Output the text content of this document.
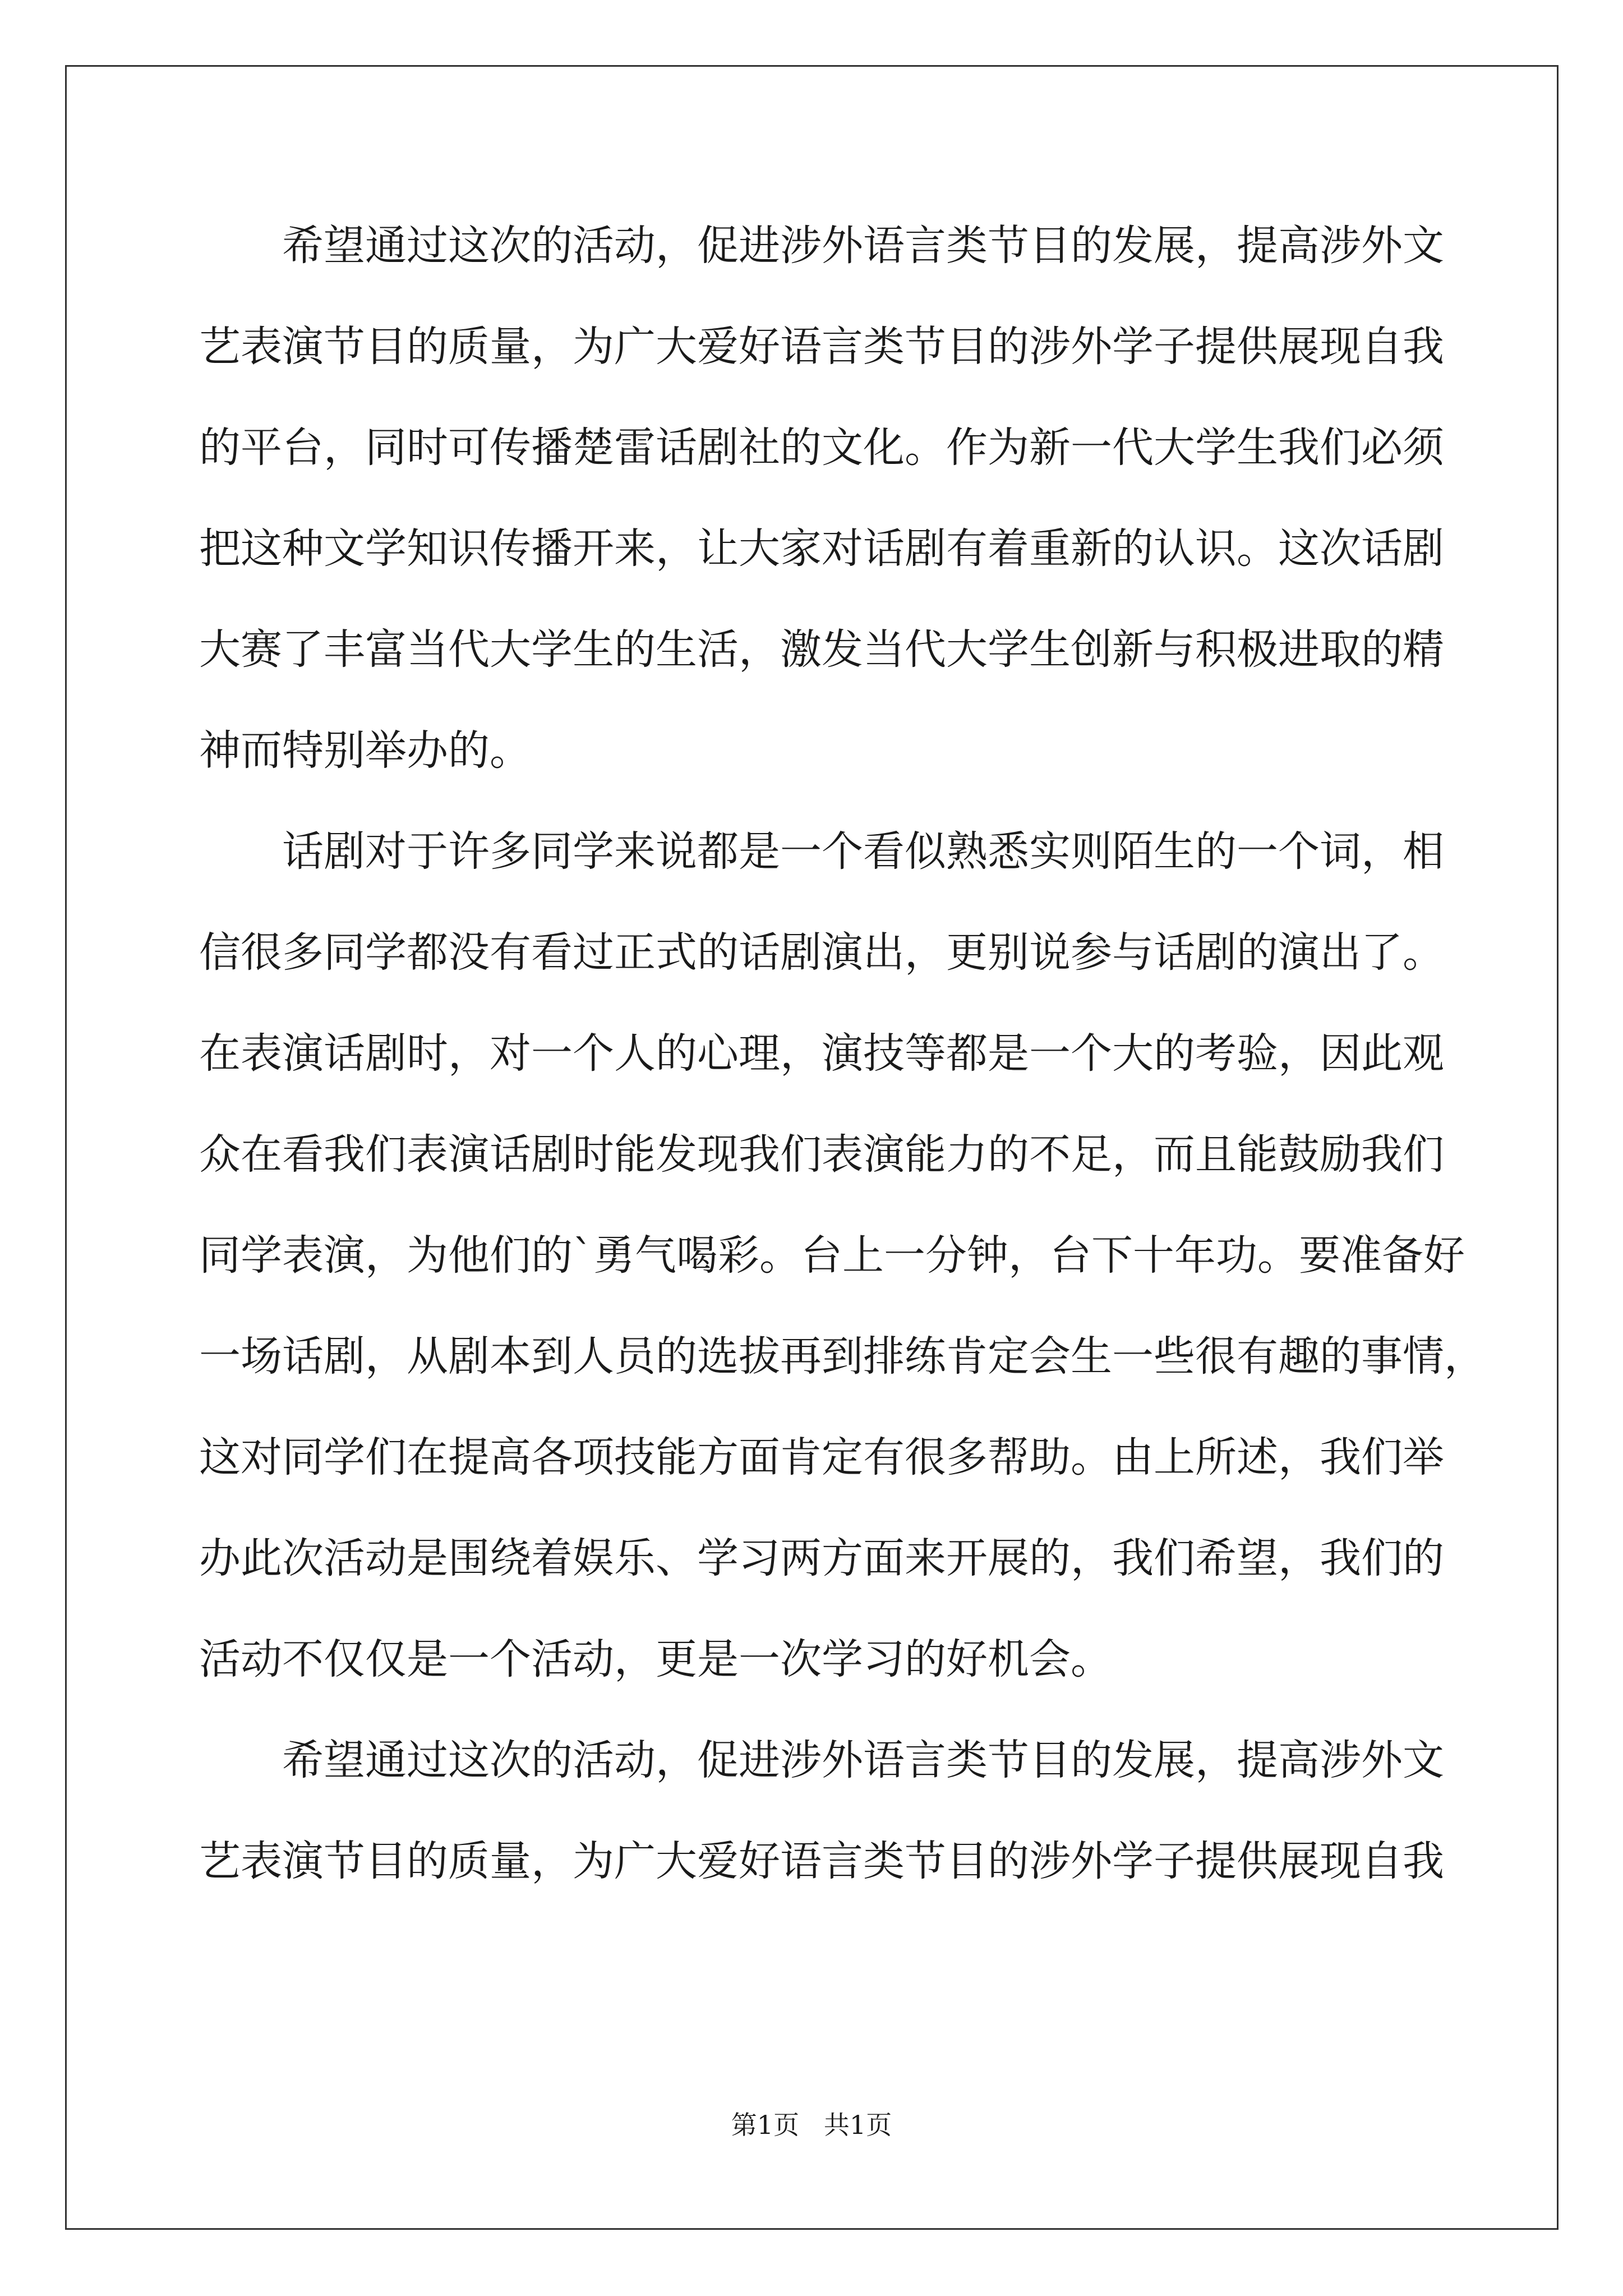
　　希望通过这次的活动，促进涉外语言类节目的发展，提高涉外文
艺表演节目的质量，为广大爱好语言类节目的涉外学子提供展现自我
的平台，同时可传播楚雷话剧社的文化。作为新一代大学生我们必须
把这种文学知识传播开来，让大家对话剧有着重新的认识。这次话剧
大赛了丰富当代大学生的生活，激发当代大学生创新与积极进取的精
神而特别举办的。
　　话剧对于许多同学来说都是一个看似熟悉实则陌生的一个词，相
信很多同学都没有看过正式的话剧演出，更别说参与话剧的演出了。
在表演话剧时，对一个人的心理，演技等都是一个大的考验，因此观
众在看我们表演话剧时能发现我们表演能力的不足，而且能鼓励我们
同学表演，为他们的`勇气喝彩。台上一分钟，台下十年功。要准备好
一场话剧，从剧本到人员的选拔再到排练肯定会生一些很有趣的事情，
这对同学们在提高各项技能方面肯定有很多帮助。由上所述，我们举
办此次活动是围绕着娱乐、学习两方面来开展的，我们希望，我们的
活动不仅仅是一个活动，更是一次学习的好机会。
　　希望通过这次的活动，促进涉外语言类节目的发展，提高涉外文
艺表演节目的质量，为广大爱好语言类节目的涉外学子提供展现自我
第1页   共1页
